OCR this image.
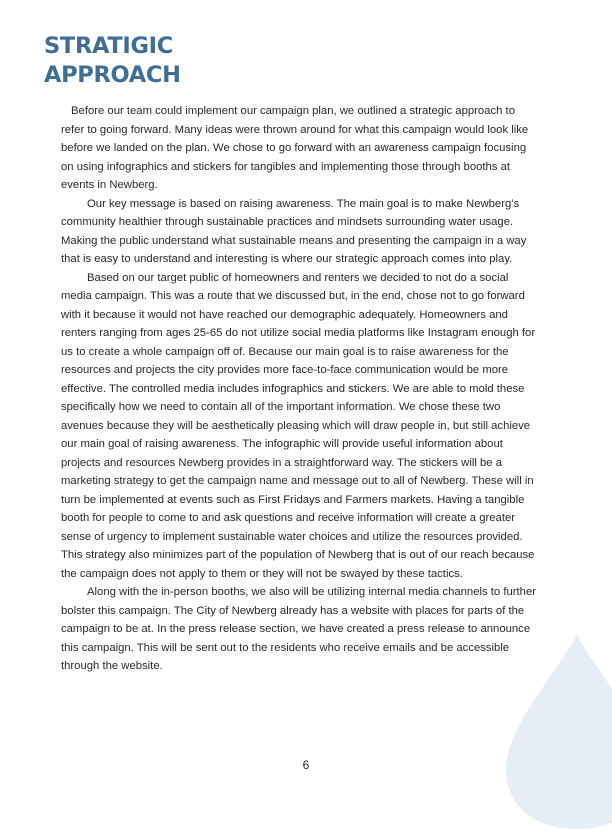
STRATIGIC
APPROACH

Before our team could implement our campaign plan, we outlined a strategic approach to refer to going forward. Many ideas were thrown around for what this campaign would look like before we landed on the plan. We chose to go forward with an awareness campaign focusing on using infographics and stickers for tangibles and implementing those through booths at events in Newberg.

Our key message is based on raising awareness. The main goal is to make Newberg’s community healthier through sustainable practices and mindsets surrounding water usage. Making the public understand what sustainable means and presenting the campaign in a way that is easy to understand and interesting is where our strategic approach comes into play.

Based on our target public of homeowners and renters we decided to not do a social media campaign. This was a route that we discussed but, in the end, chose not to go forward with it because it would not have reached our demographic adequately. Homeowners and renters ranging from ages 25-65 do not utilize social media platforms like Instagram enough for us to create a whole campaign off of. Because our main goal is to raise awareness for the resources and projects the city provides more face-to-face communication would be more effective. The controlled media includes infographics and stickers. We are able to mold these specifically how we need to contain all of the important information. We chose these two avenues because they will be aesthetically pleasing which will draw people in, but still achieve our main goal of raising awareness. The infographic will provide useful information about projects and resources Newberg provides in a straightforward way. The stickers will be a marketing strategy to get the campaign name and message out to all of Newberg. These will in turn be implemented at events such as First Fridays and Farmers markets. Having a tangible booth for people to come to and ask questions and receive information will create a greater sense of urgency to implement sustainable water choices and utilize the resources provided. This strategy also minimizes part of the population of Newberg that is out of our reach because the campaign does not apply to them or they will not be swayed by these tactics.

Along with the in-person booths, we also will be utilizing internal media channels to further bolster this campaign. The City of Newberg already has a website with places for parts of the campaign to be at. In the press release section, we have created a press release to announce this campaign. This will be sent out to the residents who receive emails and be accessible through the website.

6
